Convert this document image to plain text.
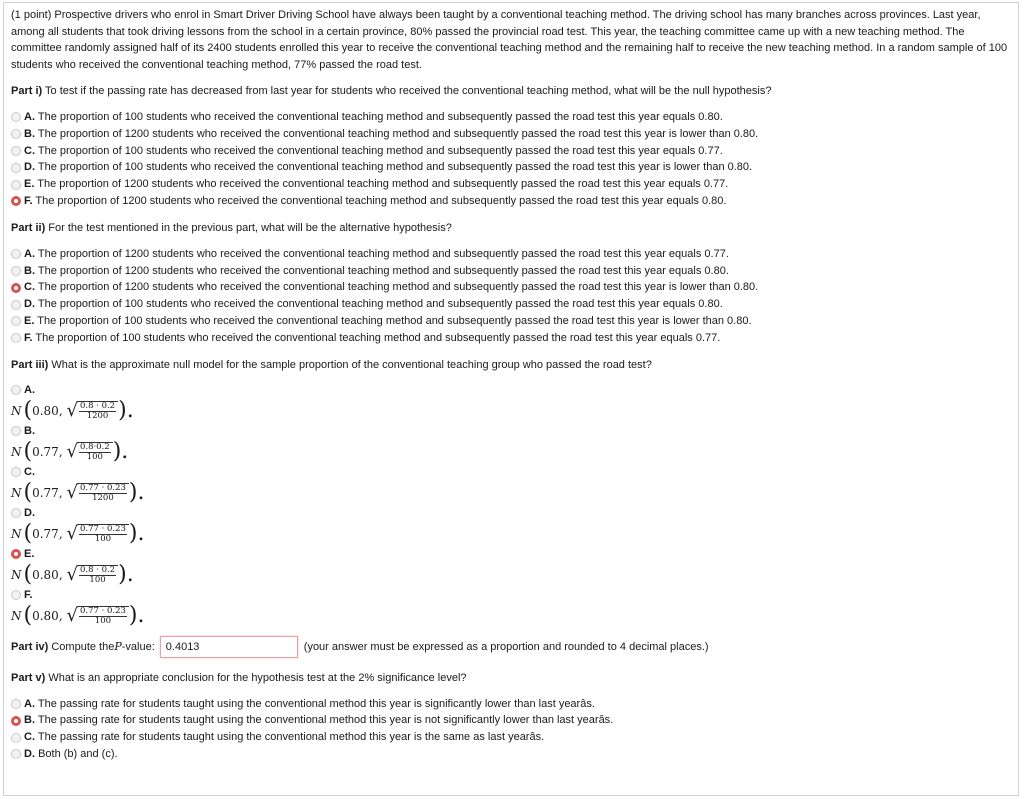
(1 point) Prospective drivers who enrol in Smart Driver Driving School have always been taught by a conventional teaching method. The driving school has many branches across provinces. Last year, among all students that took driving lessons from the school in a certain province, 80% passed the provincial road test. This year, the teaching committee came up with a new teaching method. The committee randomly assigned half of its 2400 students enrolled this year to receive the conventional teaching method and the remaining half to receive the new teaching method. In a random sample of 100 students who received the conventional teaching method, 77% passed the road test.

Part i) To test if the passing rate has decreased from last year for students who received the conventional teaching method, what will be the null hypothesis?

A. The proportion of 100 students who received the conventional teaching method and subsequently passed the road test this year equals 0.80.
B. The proportion of 1200 students who received the conventional teaching method and subsequently passed the road test this year is lower than 0.80.
C. The proportion of 100 students who received the conventional teaching method and subsequently passed the road test this year equals 0.77.
D. The proportion of 100 students who received the conventional teaching method and subsequently passed the road test this year is lower than 0.80.
E. The proportion of 1200 students who received the conventional teaching method and subsequently passed the road test this year equals 0.77.
F. The proportion of 1200 students who received the conventional teaching method and subsequently passed the road test this year equals 0.80.

Part ii) For the test mentioned in the previous part, what will be the alternative hypothesis?

A. The proportion of 1200 students who received the conventional teaching method and subsequently passed the road test this year equals 0.77.
B. The proportion of 1200 students who received the conventional teaching method and subsequently passed the road test this year equals 0.80.
C. The proportion of 1200 students who received the conventional teaching method and subsequently passed the road test this year is lower than 0.80.
D. The proportion of 100 students who received the conventional teaching method and subsequently passed the road test this year equals 0.80.
E. The proportion of 100 students who received the conventional teaching method and subsequently passed the road test this year is lower than 0.80.
F. The proportion of 100 students who received the conventional teaching method and subsequently passed the road test this year equals 0.77.

Part iii) What is the approximate null model for the sample proportion of the conventional teaching group who passed the road test?

A.
N ( 0.80,
√ $\frac{0.8 \cdot 0.2}{1200}$ ).
B.
N ( 0.77,
√ $\frac{0.8\cdot 0.2}{100}$ ).
C.
N ( 0.77,
√ $\frac{0.77 \cdot 0.23}{1200}$ ).
D.
N ( 0.77,
√ $\frac{0.77 \cdot 0.23}{100}$ ).
E.
N ( 0.80,
√ $\frac{0.8 \cdot 0.2}{100}$ ).
F.
N ( 0.80,
√ $\frac{0.77 \cdot 0.23}{100}$ ).
Part iv)
Compute the P -value:	0.4013	(your answer must be expressed as a proportion and rounded to 4 decimal places.)

Part v) What is an appropriate conclusion for the hypothesis test at the 2% significance level?

A. The passing rate for students taught using the conventional method this year is significantly lower than last yearâs.
B. The passing rate for students taught using the conventional method this year is not significantly lower than last yearâs.
C. The passing rate for students taught using the conventional method this year is the same as last yearâs.
D. Both (b) and (c).
